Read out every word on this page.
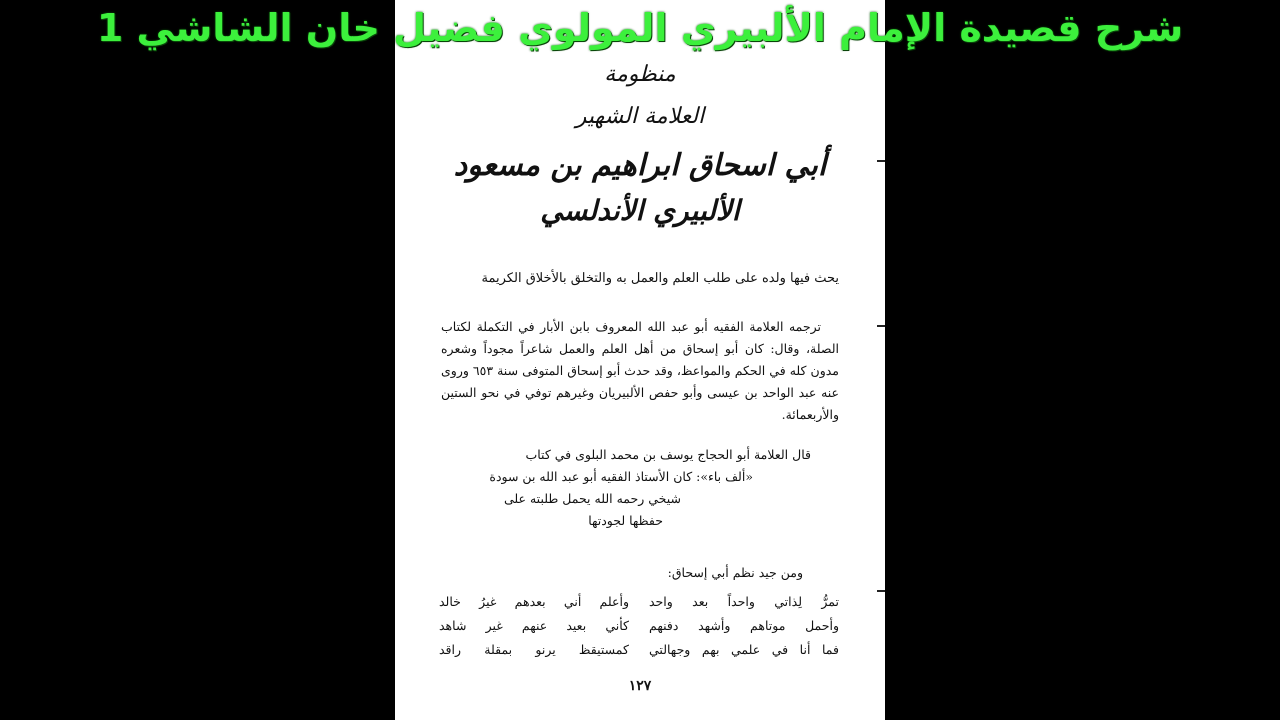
شرح قصيدة الإمام الألبيري المولوي فضيل خان الشاشي 1
منظومة
العلامة الشهير
أبي اسحاق ابراهيم بن مسعود
الألبيري الأندلسي
يحث فيها ولده على طلب العلم والعمل به والتخلق بالأخلاق الكريمة
ترجمه العلامة الفقيه أبو عبد الله المعروف بابن الأبار في التكملة لكتاب الصلة، وقال: كان أبو إسحاق من أهل العلم والعمل شاعراً مجوداً وشعره مدون كله في الحكم والمواعظ، وقد حدث أبو إسحاق المتوفى سنة ٦٥٣ وروى عنه عبد الواحد بن عيسى وأبو حفص الألبيريان وغيرهم توفي في نحو الستين والأربعمائة.
قال العلامة أبو الحجاج يوسف بن محمد البلوى في كتاب
«ألف باء»: كان الأستاذ الفقيه أبو عبد الله بن سودة
شيخي رحمه الله يحمل طلبته على
حفظها لجودتها
ومن جيد نظم أبي إسحاق:
تمرُّ لِذاتي واحداً بعد واحد
وأعلم أني بعدهم غيرُ خالد
وأحمل موتاهم وأشهد دفنهم
كأني بعيد عنهم غير شاهد
فما أنا في علمي بهم وجهالتي
كمستيقظ يرنو بمقلة راقد
١٢٧
